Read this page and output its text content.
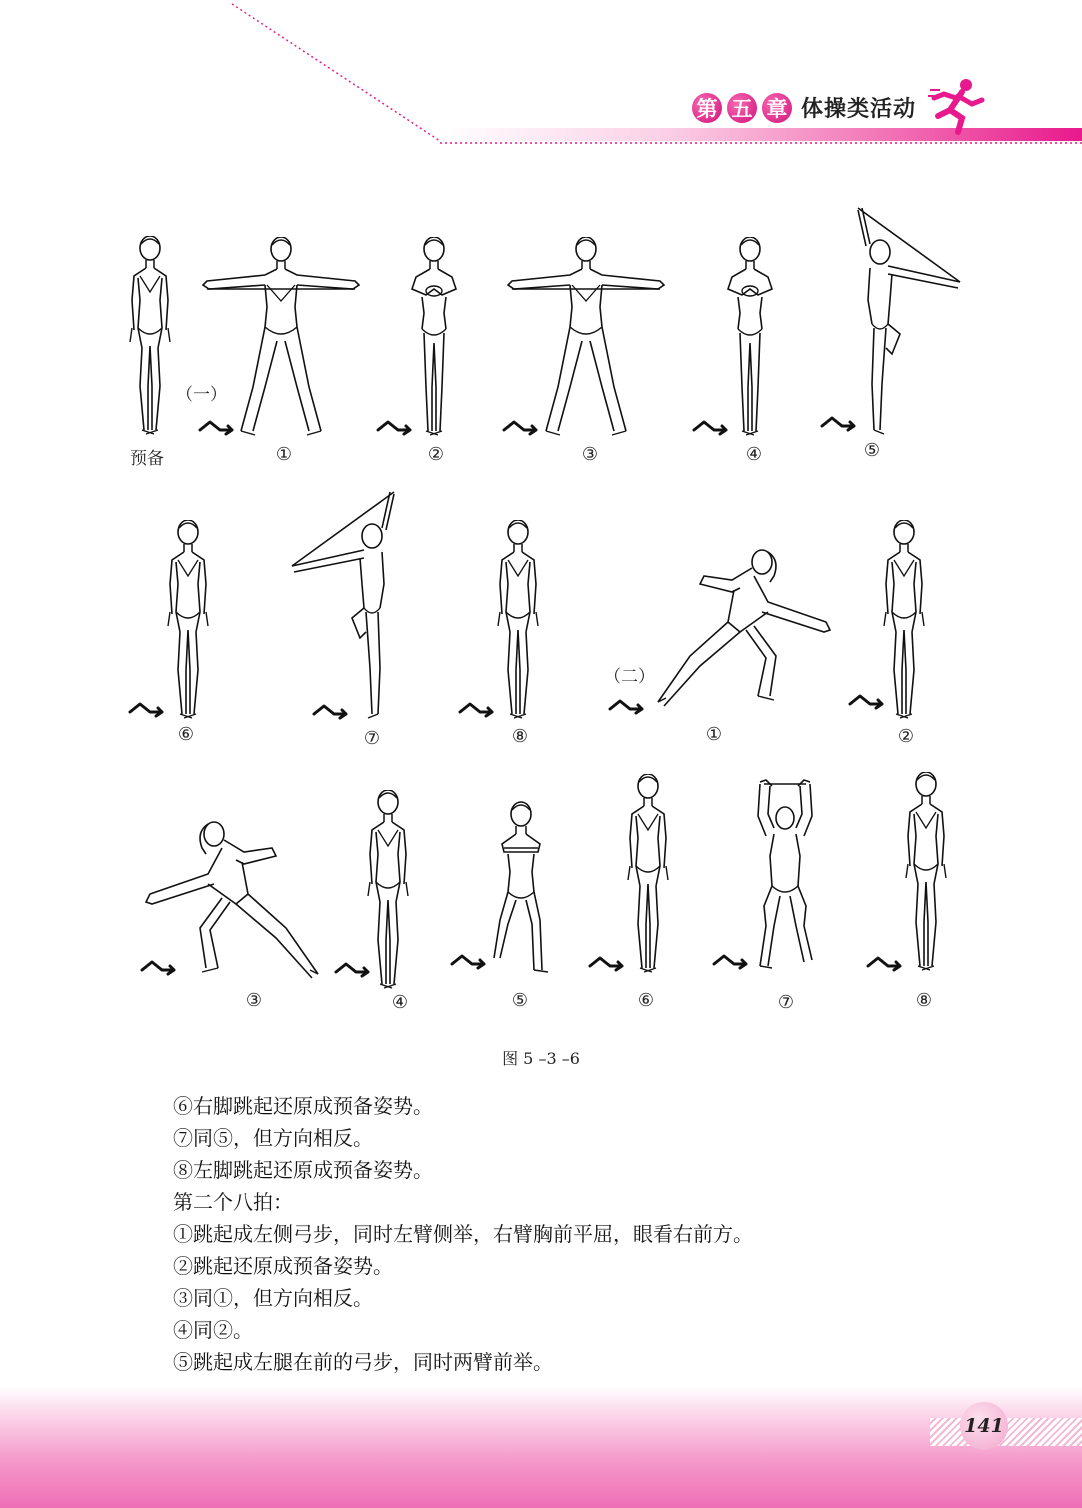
第 五 章 体操类活动
（一）
预备	①	②	③	④	⑤
⑥	⑦	⑧
（二）
①	②
③	④	⑤	⑥	⑦	⑧
图 5 –3 –6
⑥右脚跳起还原成预备姿势。
⑦同⑤，但方向相反。
⑧左脚跳起还原成预备姿势。
第二个八拍：
①跳起成左侧弓步，同时左臂侧举，右臂胸前平屈，眼看右前方。
②跳起还原成预备姿势。
③同①，但方向相反。
④同②。
⑤跳起成左腿在前的弓步，同时两臂前举。
141
